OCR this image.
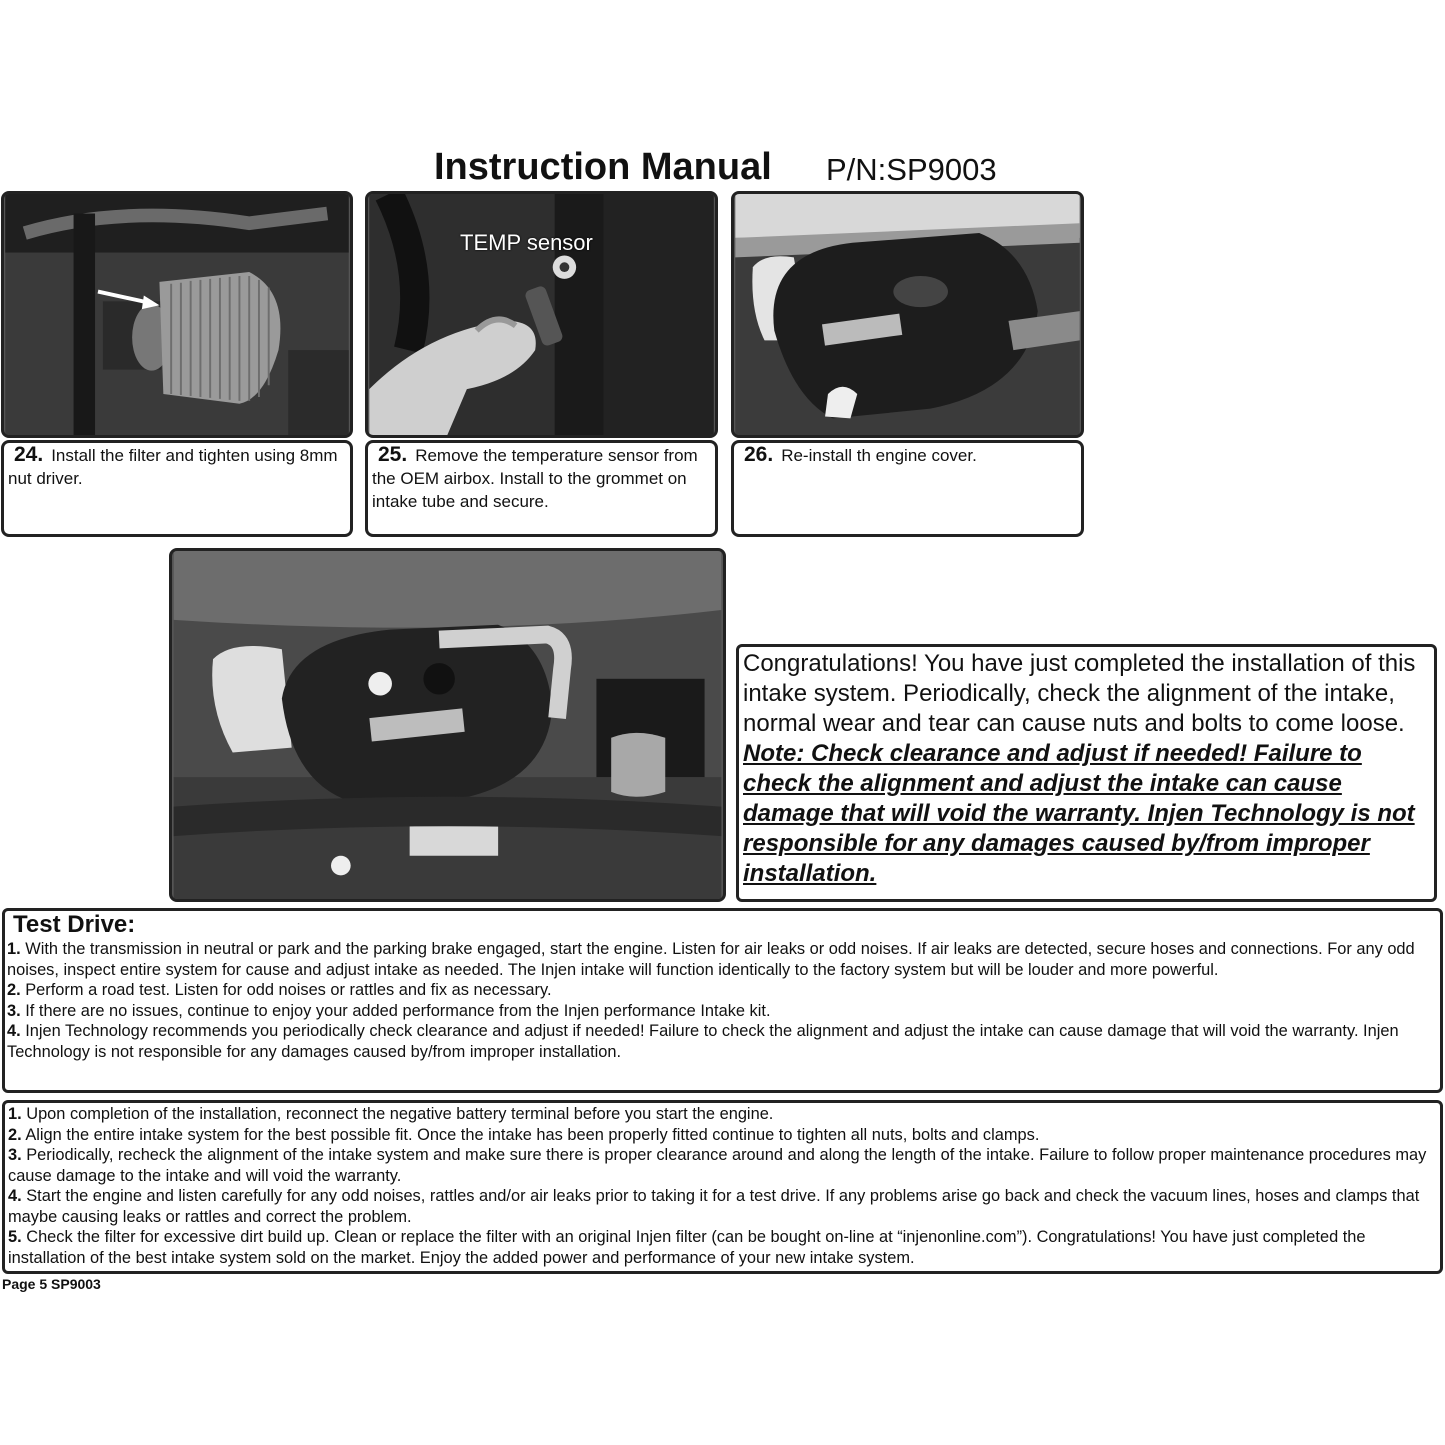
Instruction Manual P/N:SP9003
TEMP sensor
24. Install the filter and tighten using 8mm nut driver.
25. Remove the temperature sensor from the OEM airbox. Install to the grommet on intake tube and secure.
26. Re-install th engine cover.
Congratulations! You have just completed the installation of this intake system. Periodically, check the alignment of the intake, normal wear and tear can cause nuts and bolts to come loose. Note: Check clearance and adjust if needed! Failure to check the alignment and adjust the intake can cause damage that will void the warranty. Injen Technology is not responsible for any damages caused by/from improper installation.
Test Drive:

1. With the transmission in neutral or park and the parking brake engaged, start the engine. Listen for air leaks or odd noises. If air leaks are detected, secure hoses and connections. For any odd noises, inspect entire system for cause and adjust intake as needed. The Injen intake will function identically to the factory system but will be louder and more powerful.

2. Perform a road test. Listen for odd noises or rattles and fix as necessary.

3. If there are no issues, continue to enjoy your added performance from the Injen performance Intake kit.

4. Injen Technology recommends you periodically check clearance and adjust if needed! Failure to check the alignment and adjust the intake can cause damage that will void the warranty. Injen Technology is not responsible for any damages caused by/from improper installation.

1. Upon completion of the installation, reconnect the negative battery terminal before you start the engine.

2. Align the entire intake system for the best possible fit. Once the intake has been properly fitted continue to tighten all nuts, bolts and clamps.

3. Periodically, recheck the alignment of the intake system and make sure there is proper clearance around and along the length of the intake. Failure to follow proper maintenance procedures may cause damage to the intake and will void the warranty.

4. Start the engine and listen carefully for any odd noises, rattles and/or air leaks prior to taking it for a test drive. If any problems arise go back and check the vacuum lines, hoses and clamps that maybe causing leaks or rattles and correct the problem.

5. Check the filter for excessive dirt build up. Clean or replace the filter with an original Injen filter (can be bought on-line at “injenonline.com”). Congratulations! You have just completed the installation of the best intake system sold on the market. Enjoy the added power and performance of your new intake system.

Page 5 SP9003
